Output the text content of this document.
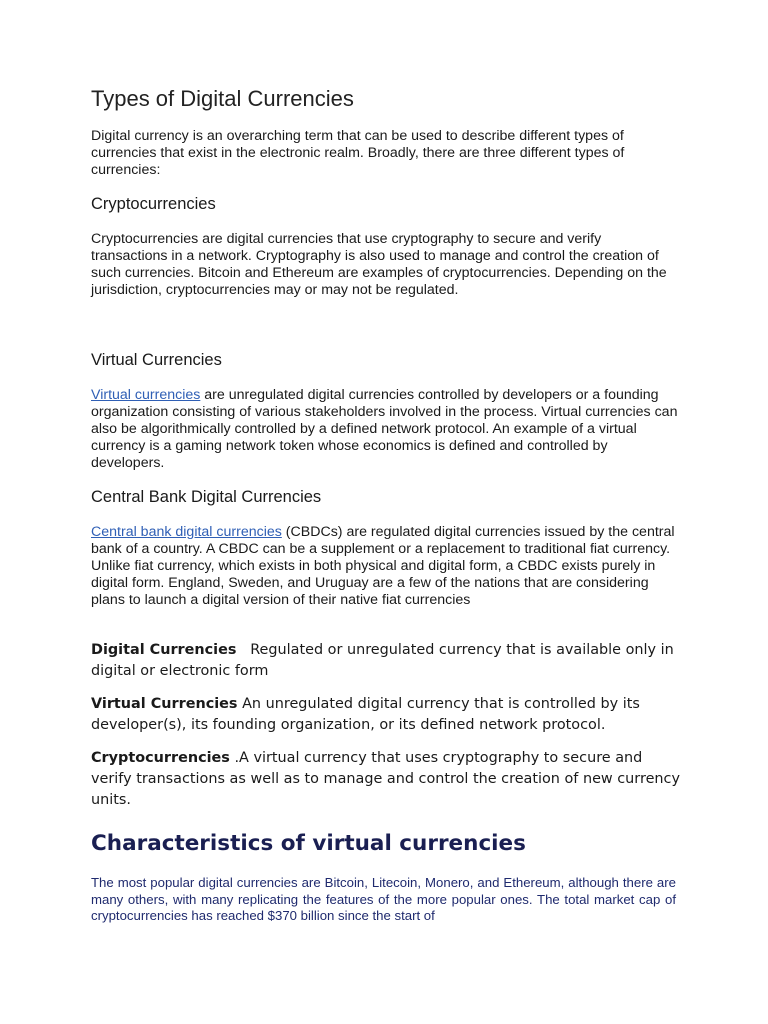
Types of Digital Currencies

Digital currency is an overarching term that can be used to describe different types of currencies that exist in the electronic realm. Broadly, there are three different types of currencies:

Cryptocurrencies

Cryptocurrencies are digital currencies that use cryptography to secure and verify transactions in a network. Cryptography is also used to manage and control the creation of such currencies. Bitcoin and Ethereum are examples of cryptocurrencies. Depending on the jurisdiction, cryptocurrencies may or may not be regulated.

Virtual Currencies

Virtual currencies are unregulated digital currencies controlled by developers or a founding organization consisting of various stakeholders involved in the process. Virtual currencies can also be algorithmically controlled by a defined network protocol. An example of a virtual currency is a gaming network token whose economics is defined and controlled by developers.

Central Bank Digital Currencies

Central bank digital currencies (CBDCs) are regulated digital currencies issued by the central bank of a country. A CBDC can be a supplement or a replacement to traditional fiat currency. Unlike fiat currency, which exists in both physical and digital form, a CBDC exists purely in digital form. England, Sweden, and Uruguay are a few of the nations that are considering plans to launch a digital version of their native fiat currencies

Digital Currencies Regulated or unregulated currency that is available only in digital or electronic form

Virtual Currencies An unregulated digital currency that is controlled by its developer(s), its founding organization, or its defined network protocol.

Cryptocurrencies .A virtual currency that uses cryptography to secure and verify transactions as well as to manage and control the creation of new currency units.

Characteristics of virtual currencies

The most popular digital currencies are Bitcoin, Litecoin, Monero, and Ethereum, although there are many others, with many replicating the features of the more popular ones. The total market cap of cryptocurrencies has reached $370 billion since the start of
